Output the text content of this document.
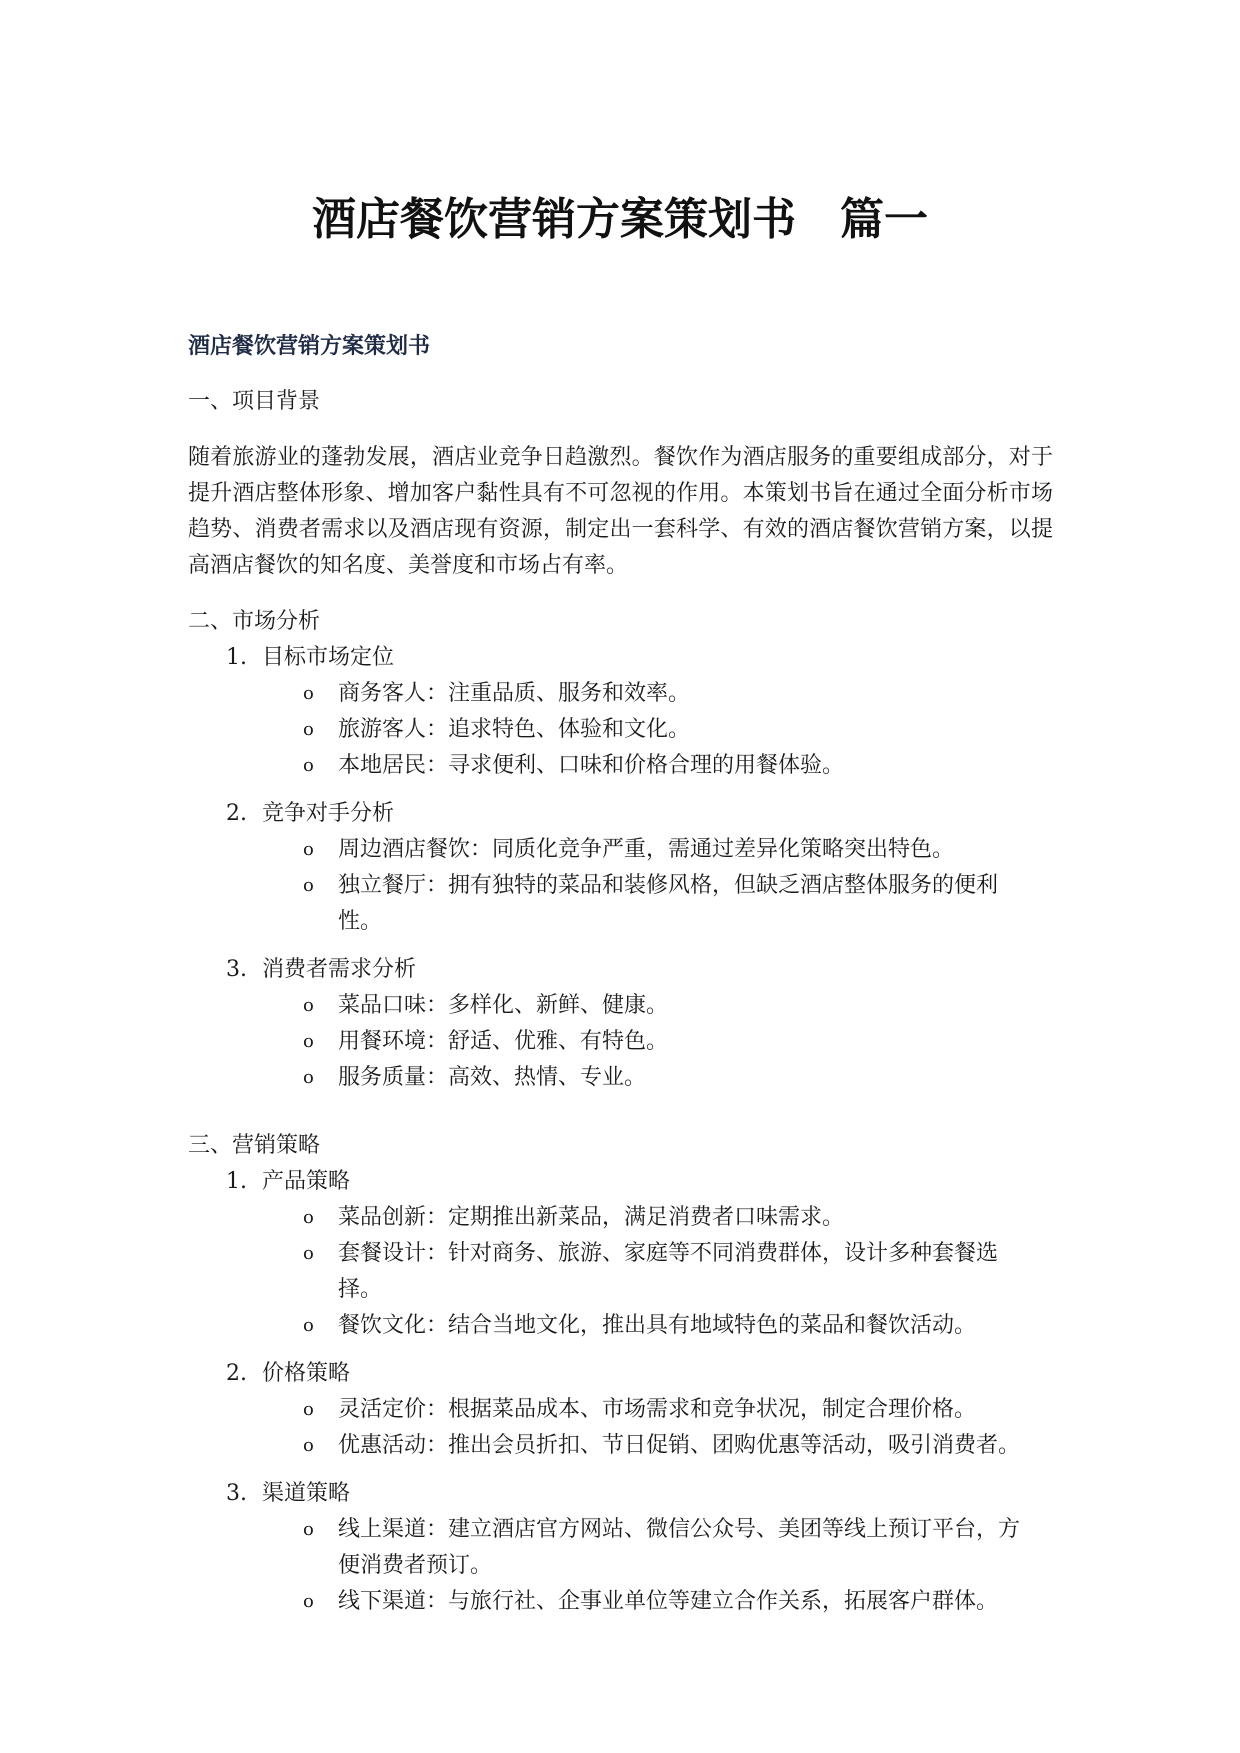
酒店餐饮营销方案策划书　篇一

酒店餐饮营销方案策划书

一、项目背景

随着旅游业的蓬勃发展，酒店业竞争日趋激烈。餐饮作为酒店服务的重要组成部分，对于提升酒店整体形象、增加客户黏性具有不可忽视的作用。本策划书旨在通过全面分析市场趋势、消费者需求以及酒店现有资源，制定出一套科学、有效的酒店餐饮营销方案，以提高酒店餐饮的知名度、美誉度和市场占有率。

二、市场分析

1. 目标市场定位
o	商务客人：注重品质、服务和效率。
o	旅游客人：追求特色、体验和文化。
o	本地居民：寻求便利、口味和价格合理的用餐体验。
2. 竞争对手分析
o	周边酒店餐饮：同质化竞争严重，需通过差异化策略突出特色。
o	独立餐厅：拥有独特的菜品和装修风格，但缺乏酒店整体服务的便利性。
3. 消费者需求分析
o	菜品口味：多样化、新鲜、健康。
o	用餐环境：舒适、优雅、有特色。
o	服务质量：高效、热情、专业。

三、营销策略

1. 产品策略
o	菜品创新：定期推出新菜品，满足消费者口味需求。
o	套餐设计：针对商务、旅游、家庭等不同消费群体，设计多种套餐选择。
o	餐饮文化：结合当地文化，推出具有地域特色的菜品和餐饮活动。
2. 价格策略
o	灵活定价：根据菜品成本、市场需求和竞争状况，制定合理价格。
o	优惠活动：推出会员折扣、节日促销、团购优惠等活动，吸引消费者。
3. 渠道策略
o	线上渠道：建立酒店官方网站、微信公众号、美团等线上预订平台，方便消费者预订。
o	线下渠道：与旅行社、企事业单位等建立合作关系，拓展客户群体。
